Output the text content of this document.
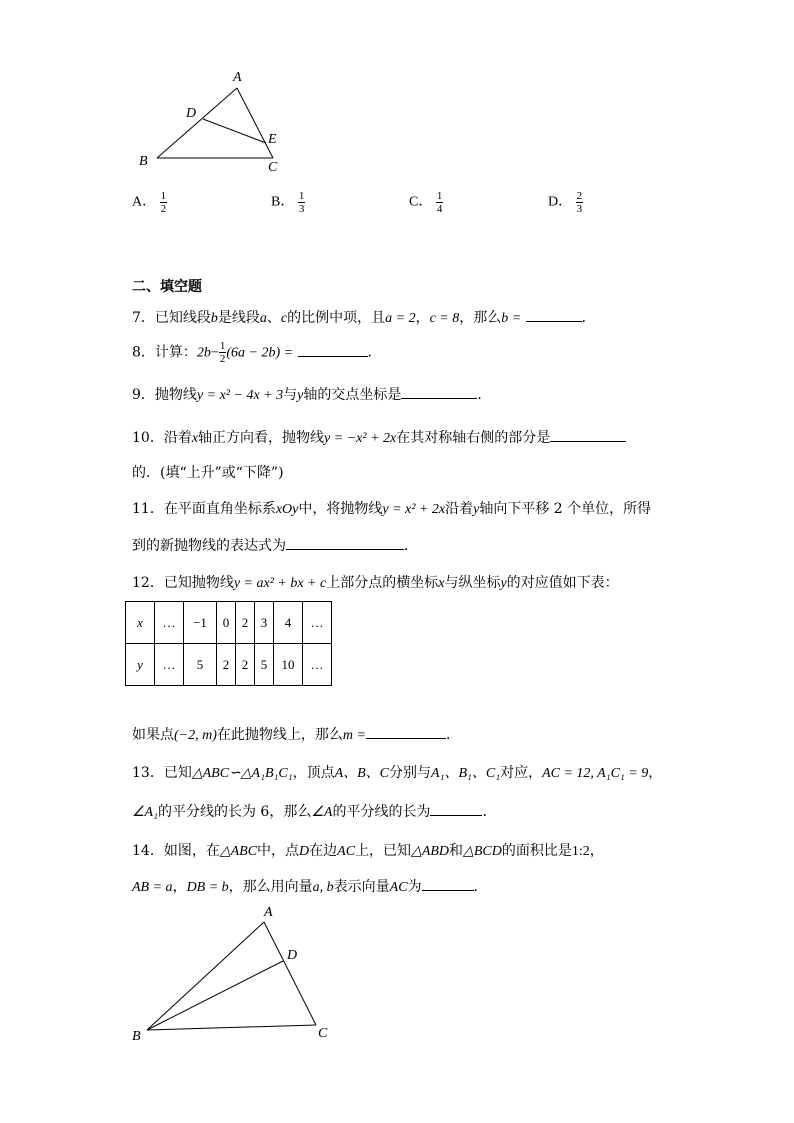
A
D
E
B	C
A． $\frac{1}{2}$	B． $\frac{1}{3}$	C． $\frac{1}{4}$	D． $\frac{2}{3}$
二、填空题
7．已知线段b是线段a、c的比例中项，且a = 2，c = 8，那么b =	．
8．计算：$2b- \frac{1}{2} (6a - 2b)$ =	．
9．抛物线y = x² − 4x + 3与y轴的交点坐标是	．
10．沿着x轴正方向看，抛物线y = −x² + 2x在其对称轴右侧的部分是
的．(填“上升”或“下降”)
11．在平面直角坐标系xOy中，将抛物线y = x² + 2x沿着y轴向下平移 2 个单位，所得
到的新抛物线的表达式为	．
12．已知抛物线y = ax² + bx + c上部分点的横坐标x与纵坐标y的对应值如下表：
x	…	−1	0	2	3	4	…
y	…	5	2	2	5	10	…
如果点(−2, m)在此抛物线上，那么m =	．
13．已知△ABC∽△A₁B₁C₁，顶点A、B、C分别与A₁、B₁、C₁对应，AC = 12, A₁C₁ = 9，
∠A₁的平分线的长为 6，那么∠A的平分线的长为	．
14．如图，在△ABC中，点D在边AC上，已知△ABD和△BCD的面积比是1:2，
AB = a，DB = b，那么用向量a, b表示向量AC为	．
A
D
B	C
